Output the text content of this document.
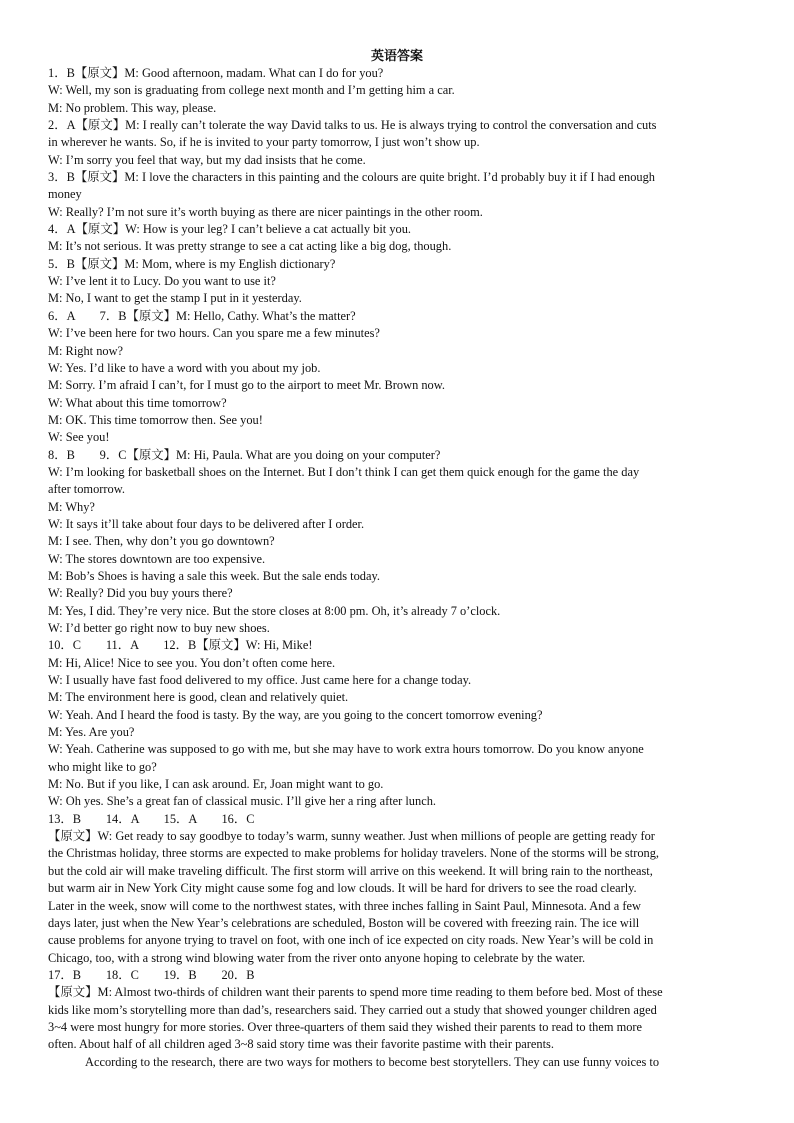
英语答案
1．B【原文】M: Good afternoon, madam. What can I do for you?
W: Well, my son is graduating from college next month and I’m getting him a car.
M: No problem. This way, please.
2．A【原文】M: I really can’t tolerate the way David talks to us. He is always trying to control the conversation and cuts
in wherever he wants. So, if he is invited to your party tomorrow, I just won’t show up.
W: I’m sorry you feel that way, but my dad insists that he come.
3．B【原文】M: I love the characters in this painting and the colours are quite bright. I’d probably buy it if I had enough
money
W: Really? I’m not sure it’s worth buying as there are nicer paintings in the other room.
4．A【原文】W: How is your leg? I can’t believe a cat actually bit you.
M: It’s not serious. It was pretty strange to see a cat acting like a big dog, though.
5．B【原文】M: Mom, where is my English dictionary?
W: I’ve lent it to Lucy. Do you want to use it?
M: No, I want to get the stamp I put in it yesterday.
6．A　　7．B【原文】M: Hello, Cathy. What’s the matter?
W: I’ve been here for two hours. Can you spare me a few minutes?
M: Right now?
W: Yes. I’d like to have a word with you about my job.
M: Sorry. I’m afraid I can’t, for I must go to the airport to meet Mr. Brown now.
W: What about this time tomorrow?
M: OK. This time tomorrow then. See you!
W: See you!
8．B　　9．C【原文】M: Hi, Paula. What are you doing on your computer?
W: I’m looking for basketball shoes on the Internet. But I don’t think I can get them quick enough for the game the day
after tomorrow.
M: Why?
W: It says it’ll take about four days to be delivered after I order.
M: I see. Then, why don’t you go downtown?
W: The stores downtown are too expensive.
M: Bob’s Shoes is having a sale this week. But the sale ends today.
W: Really? Did you buy yours there?
M: Yes, I did. They’re very nice. But the store closes at 8:00 pm. Oh, it’s already 7 o’clock.
W: I’d better go right now to buy new shoes.
10．C　　11．A　　12．B【原文】W: Hi, Mike!
M: Hi, Alice! Nice to see you. You don’t often come here.
W: I usually have fast food delivered to my office. Just came here for a change today.
M: The environment here is good, clean and relatively quiet.
W: Yeah. And I heard the food is tasty. By the way, are you going to the concert tomorrow evening?
M: Yes. Are you?
W: Yeah. Catherine was supposed to go with me, but she may have to work extra hours tomorrow. Do you know anyone
who might like to go?
M: No. But if you like, I can ask around. Er, Joan might want to go.
W: Oh yes. She’s a great fan of classical music. I’ll give her a ring after lunch.
13．B　　14．A　　15．A　　16．C
【原文】W: Get ready to say goodbye to today’s warm, sunny weather. Just when millions of people are getting ready for
the Christmas holiday, three storms are expected to make problems for holiday travelers. None of the storms will be strong,
but the cold air will make traveling difficult. The first storm will arrive on this weekend. It will bring rain to the northeast,
but warm air in New York City might cause some fog and low clouds. It will be hard for drivers to see the road clearly.
Later in the week, snow will come to the northwest states, with three inches falling in Saint Paul, Minnesota. And a few
days later, just when the New Year’s celebrations are scheduled, Boston will be covered with freezing rain. The ice will
cause problems for anyone trying to travel on foot, with one inch of ice expected on city roads. New Year’s will be cold in
Chicago, too, with a strong wind blowing water from the river onto anyone hoping to celebrate by the water.
17．B　　18．C　　19．B　　20．B
【原文】M: Almost two-thirds of children want their parents to spend more time reading to them before bed. Most of these
kids like mom’s storytelling more than dad’s, researchers said. They carried out a study that showed younger children aged
3~4 were most hungry for more stories. Over three-quarters of them said they wished their parents to read to them more
often. About half of all children aged 3~8 said story time was their favorite pastime with their parents.
According to the research, there are two ways for mothers to become best storytellers. They can use funny voices to
